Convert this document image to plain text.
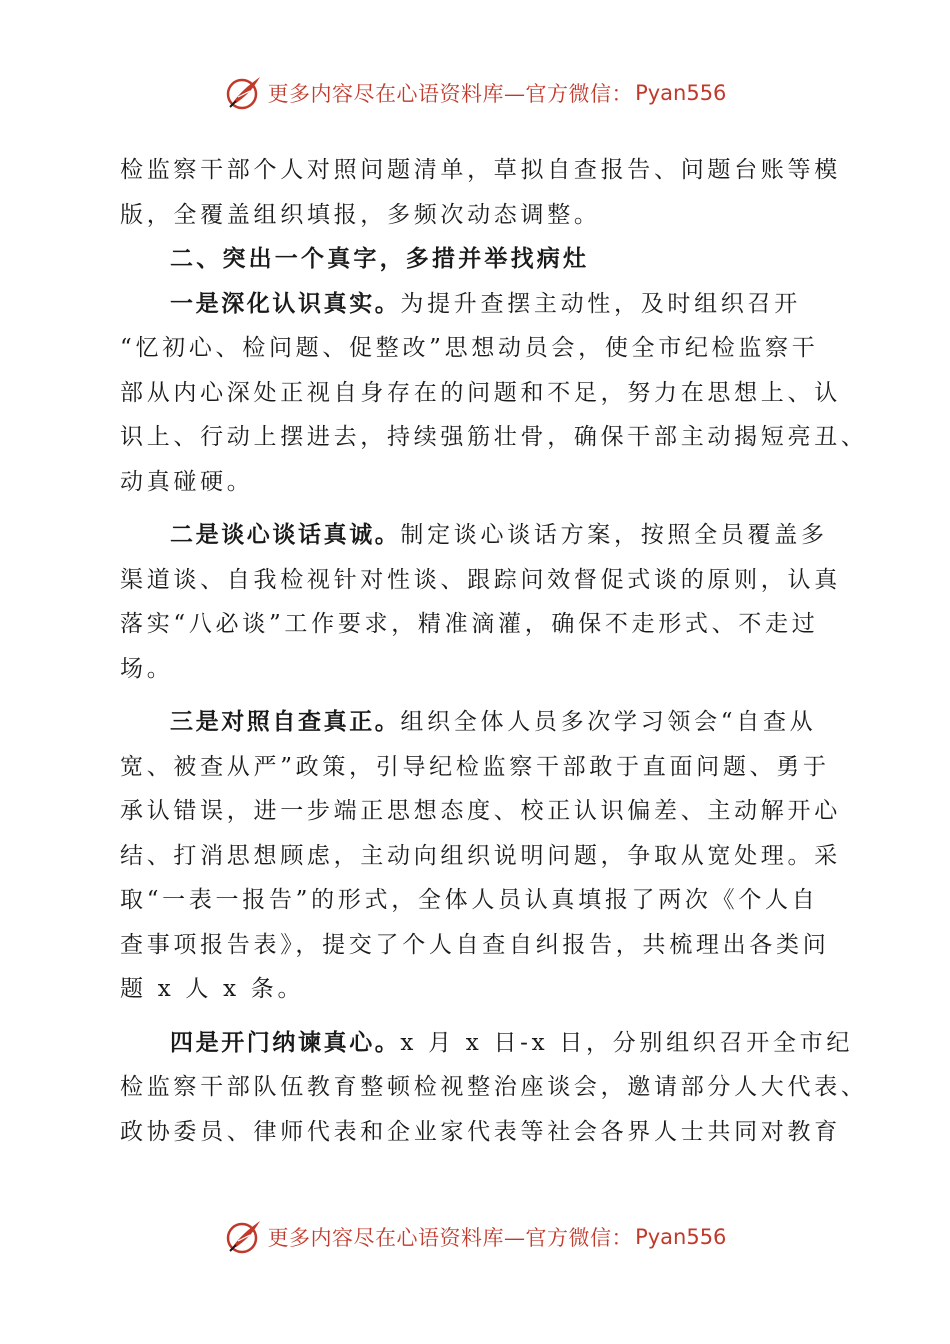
更多内容尽在心语资料库—官方微信： Pyan556
检监察干部个人对照问题清单，草拟自查报告、问题台账等模
版，全覆盖组织填报，多频次动态调整。
二、突出一个真字，多措并举找病灶
一是深化认识真实。为提升查摆主动性，及时组织召开
“忆初心、检问题、促整改”思想动员会，使全市纪检监察干
部从内心深处正视自身存在的问题和不足，努力在思想上、认
识上、行动上摆进去，持续强筋壮骨，确保干部主动揭短亮丑、
动真碰硬。
二是谈心谈话真诚。制定谈心谈话方案，按照全员覆盖多
渠道谈、自我检视针对性谈、跟踪问效督促式谈的原则，认真
落实“八必谈”工作要求，精准滴灌，确保不走形式、不走过
场。
三是对照自查真正。组织全体人员多次学习领会“自查从
宽、被查从严”政策，引导纪检监察干部敢于直面问题、勇于
承认错误，进一步端正思想态度、校正认识偏差、主动解开心
结、打消思想顾虑，主动向组织说明问题，争取从宽处理。采
取“一表一报告”的形式，全体人员认真填报了两次《个人自
查事项报告表》，提交了个人自查自纠报告，共梳理出各类问
题 x 人 x 条。
四是开门纳谏真心。x 月 x 日-x 日，分别组织召开全市纪
检监察干部队伍教育整顿检视整治座谈会，邀请部分人大代表、
政协委员、律师代表和企业家代表等社会各界人士共同对教育
更多内容尽在心语资料库—官方微信： Pyan556
